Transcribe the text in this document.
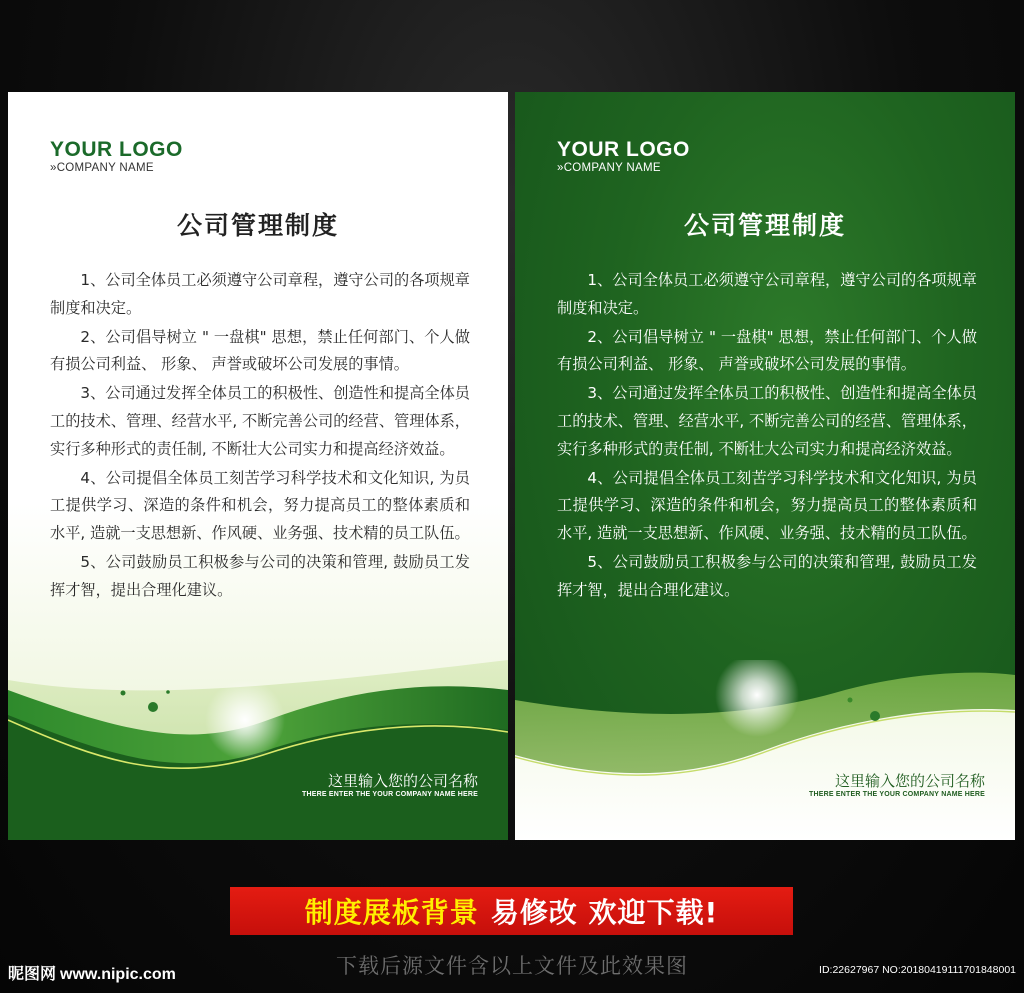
YOUR LOGO
»COMPANY NAME
公司管理制度

1、公司全体员工必须遵守公司章程，遵守公司的各项规章制度和决定。

2、公司倡导树立 " 一盘棋" 思想，禁止任何部门、个人做有损公司利益、 形象、 声誉或破坏公司发展的事情。

3、公司通过发挥全体员工的积极性、创造性和提高全体员工的技术、管理、经营水平, 不断完善公司的经营、管理体系，实行多种形式的责任制, 不断壮大公司实力和提高经济效益。

4、公司提倡全体员工刻苦学习科学技术和文化知识, 为员工提供学习、深造的条件和机会，努力提高员工的整体素质和水平, 造就一支思想新、作风硬、业务强、技术精的员工队伍。

5、公司鼓励员工积极参与公司的决策和管理, 鼓励员工发挥才智，提出合理化建议。

这里输入您的公司名称
THERE ENTER THE YOUR COMPANY NAME HERE
YOUR LOGO
»COMPANY NAME
公司管理制度

1、公司全体员工必须遵守公司章程，遵守公司的各项规章制度和决定。

2、公司倡导树立 " 一盘棋" 思想，禁止任何部门、个人做有损公司利益、 形象、 声誉或破坏公司发展的事情。

3、公司通过发挥全体员工的积极性、创造性和提高全体员工的技术、管理、经营水平, 不断完善公司的经营、管理体系，实行多种形式的责任制, 不断壮大公司实力和提高经济效益。

4、公司提倡全体员工刻苦学习科学技术和文化知识, 为员工提供学习、深造的条件和机会，努力提高员工的整体素质和水平, 造就一支思想新、作风硬、业务强、技术精的员工队伍。

5、公司鼓励员工积极参与公司的决策和管理, 鼓励员工发挥才智，提出合理化建议。

这里输入您的公司名称
THERE ENTER THE YOUR COMPANY NAME HERE
制度展板背景 易修改 欢迎下载!
下载后源文件含以上文件及此效果图
昵图网 www.nipic.com	ID:22627967 NO:20180419111701848001
